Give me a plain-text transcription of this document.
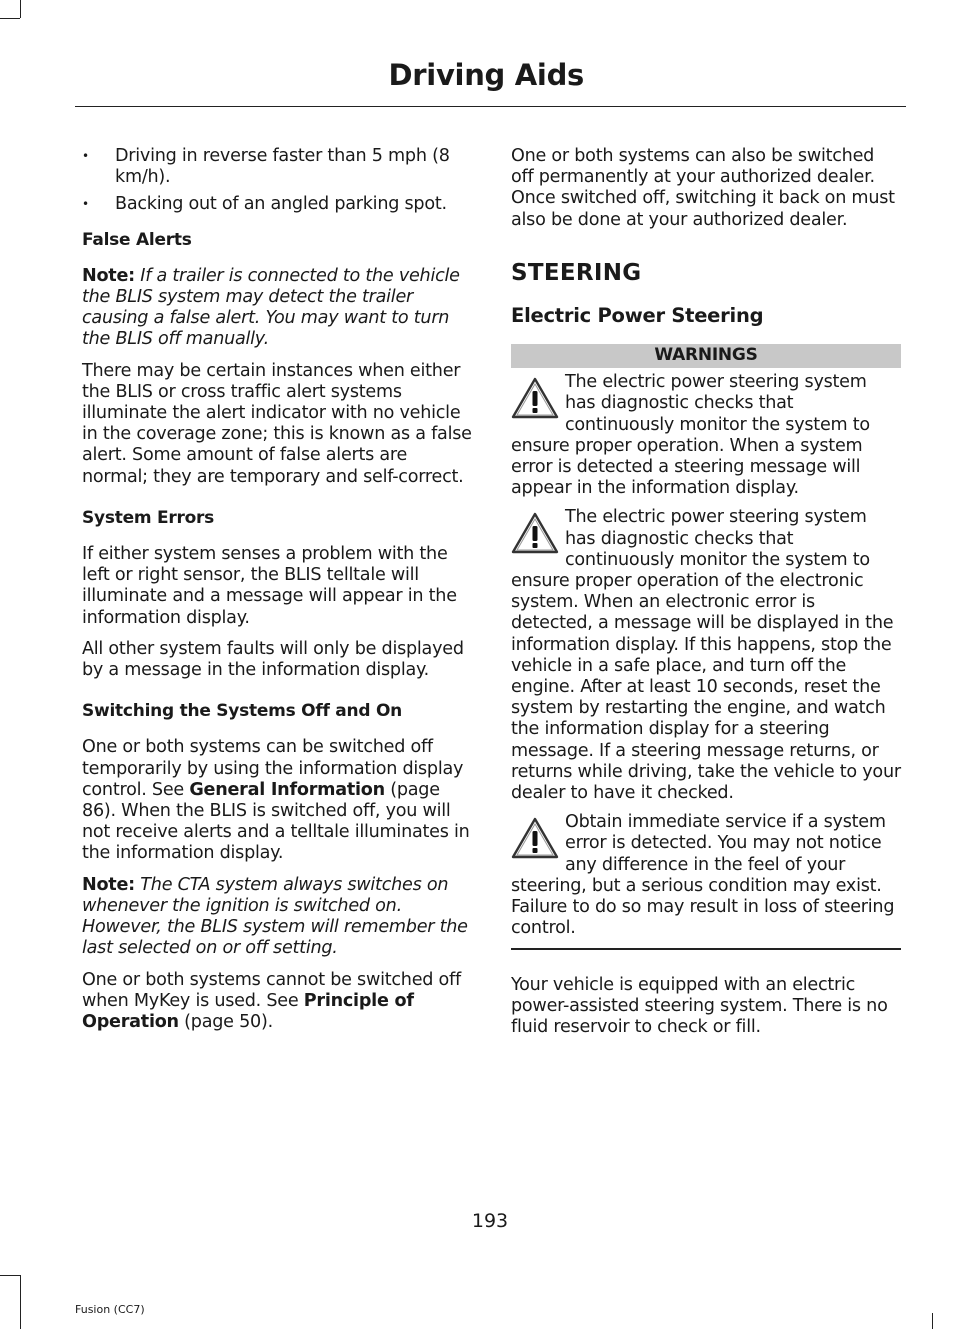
Driving Aids
• Driving in reverse faster than 5 mph (8 km/h).
• Backing out of an angled parking spot.
False Alerts

Note: If a trailer is connected to the vehicle the BLIS system may detect the trailer causing a false alert. You may want to turn the BLIS off manually.

There may be certain instances when either the BLIS or cross traffic alert systems illuminate the alert indicator with no vehicle in the coverage zone; this is known as a false alert. Some amount of false alerts are normal; they are temporary and self-correct.

System Errors

If either system senses a problem with the left or right sensor, the BLIS telltale will illuminate and a message will appear in the information display.

All other system faults will only be displayed by a message in the information display.

Switching the Systems Off and On

One or both systems can be switched off temporarily by using the information display control. See General Information (page 86). When the BLIS is switched off, you will not receive alerts and a telltale illuminates in the information display.

Note: The CTA system always switches on whenever the ignition is switched on. However, the BLIS system will remember the last selected on or off setting.

One or both systems cannot be switched off when MyKey is used. See Principle of Operation (page 50).

One or both systems can also be switched off permanently at your authorized dealer. Once switched off, switching it back on must also be done at your authorized dealer.

STEERING
Electric Power Steering
WARNINGS

The electric power steering system has diagnostic checks that continuously monitor the system to ensure proper operation. When a system error is detected a steering message will appear in the information display.

The electric power steering system has diagnostic checks that continuously monitor the system to ensure proper operation of the electronic system. When an electronic error is detected, a message will be displayed in the information display. If this happens, stop the vehicle in a safe place, and turn off the engine. After at least 10 seconds, reset the system by restarting the engine, and watch the information display for a steering message. If a steering message returns, or returns while driving, take the vehicle to your dealer to have it checked.

Obtain immediate service if a system error is detected. You may not notice any difference in the feel of your steering, but a serious condition may exist. Failure to do so may result in loss of steering control.

Your vehicle is equipped with an electric power-assisted steering system. There is no fluid reservoir to check or fill.

193
Fusion (CC7)
